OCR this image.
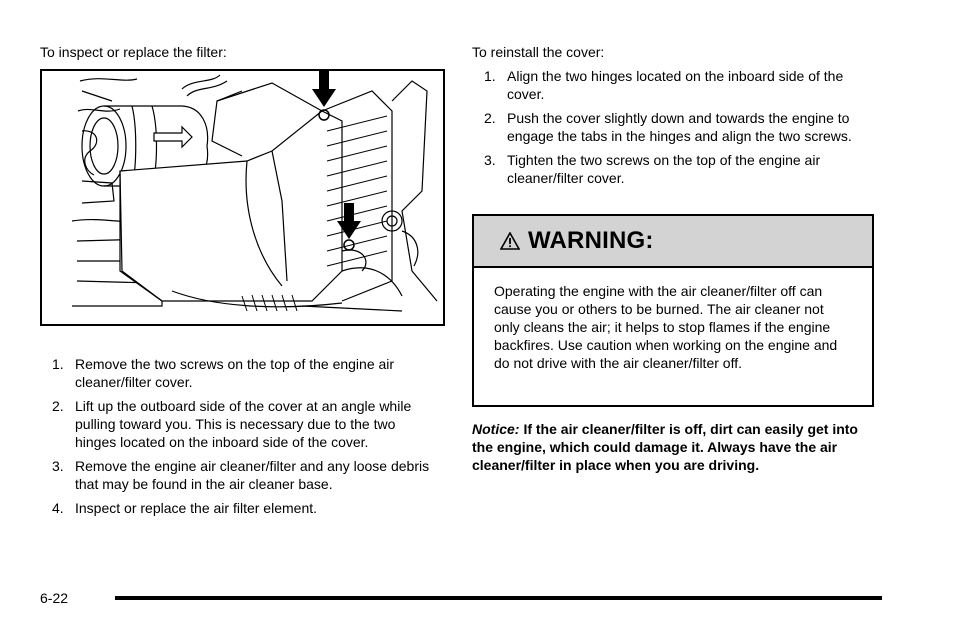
To inspect or replace the filter:
1. Remove the two screws on the top of the engine air cleaner/filter cover.
2. Lift up the outboard side of the cover at an angle while pulling toward you. This is necessary due to the two hinges located on the inboard side of the cover.
3. Remove the engine air cleaner/filter and any loose debris that may be found in the air cleaner base.
4. Inspect or replace the air filter element.
To reinstall the cover:
1. Align the two hinges located on the inboard side of the cover.
2. Push the cover slightly down and towards the engine to engage the tabs in the hinges and align the two screws.
3. Tighten the two screws on the top of the engine air cleaner/filter cover.
WARNING:
Operating the engine with the air cleaner/filter off can cause you or others to be burned. The air cleaner not only cleans the air; it helps to stop flames if the engine backfires. Use caution when working on the engine and do not drive with the air cleaner/filter off.
Notice: If the air cleaner/filter is off, dirt can easily get into the engine, which could damage it. Always have the air cleaner/filter in place when you are driving.
6-22
